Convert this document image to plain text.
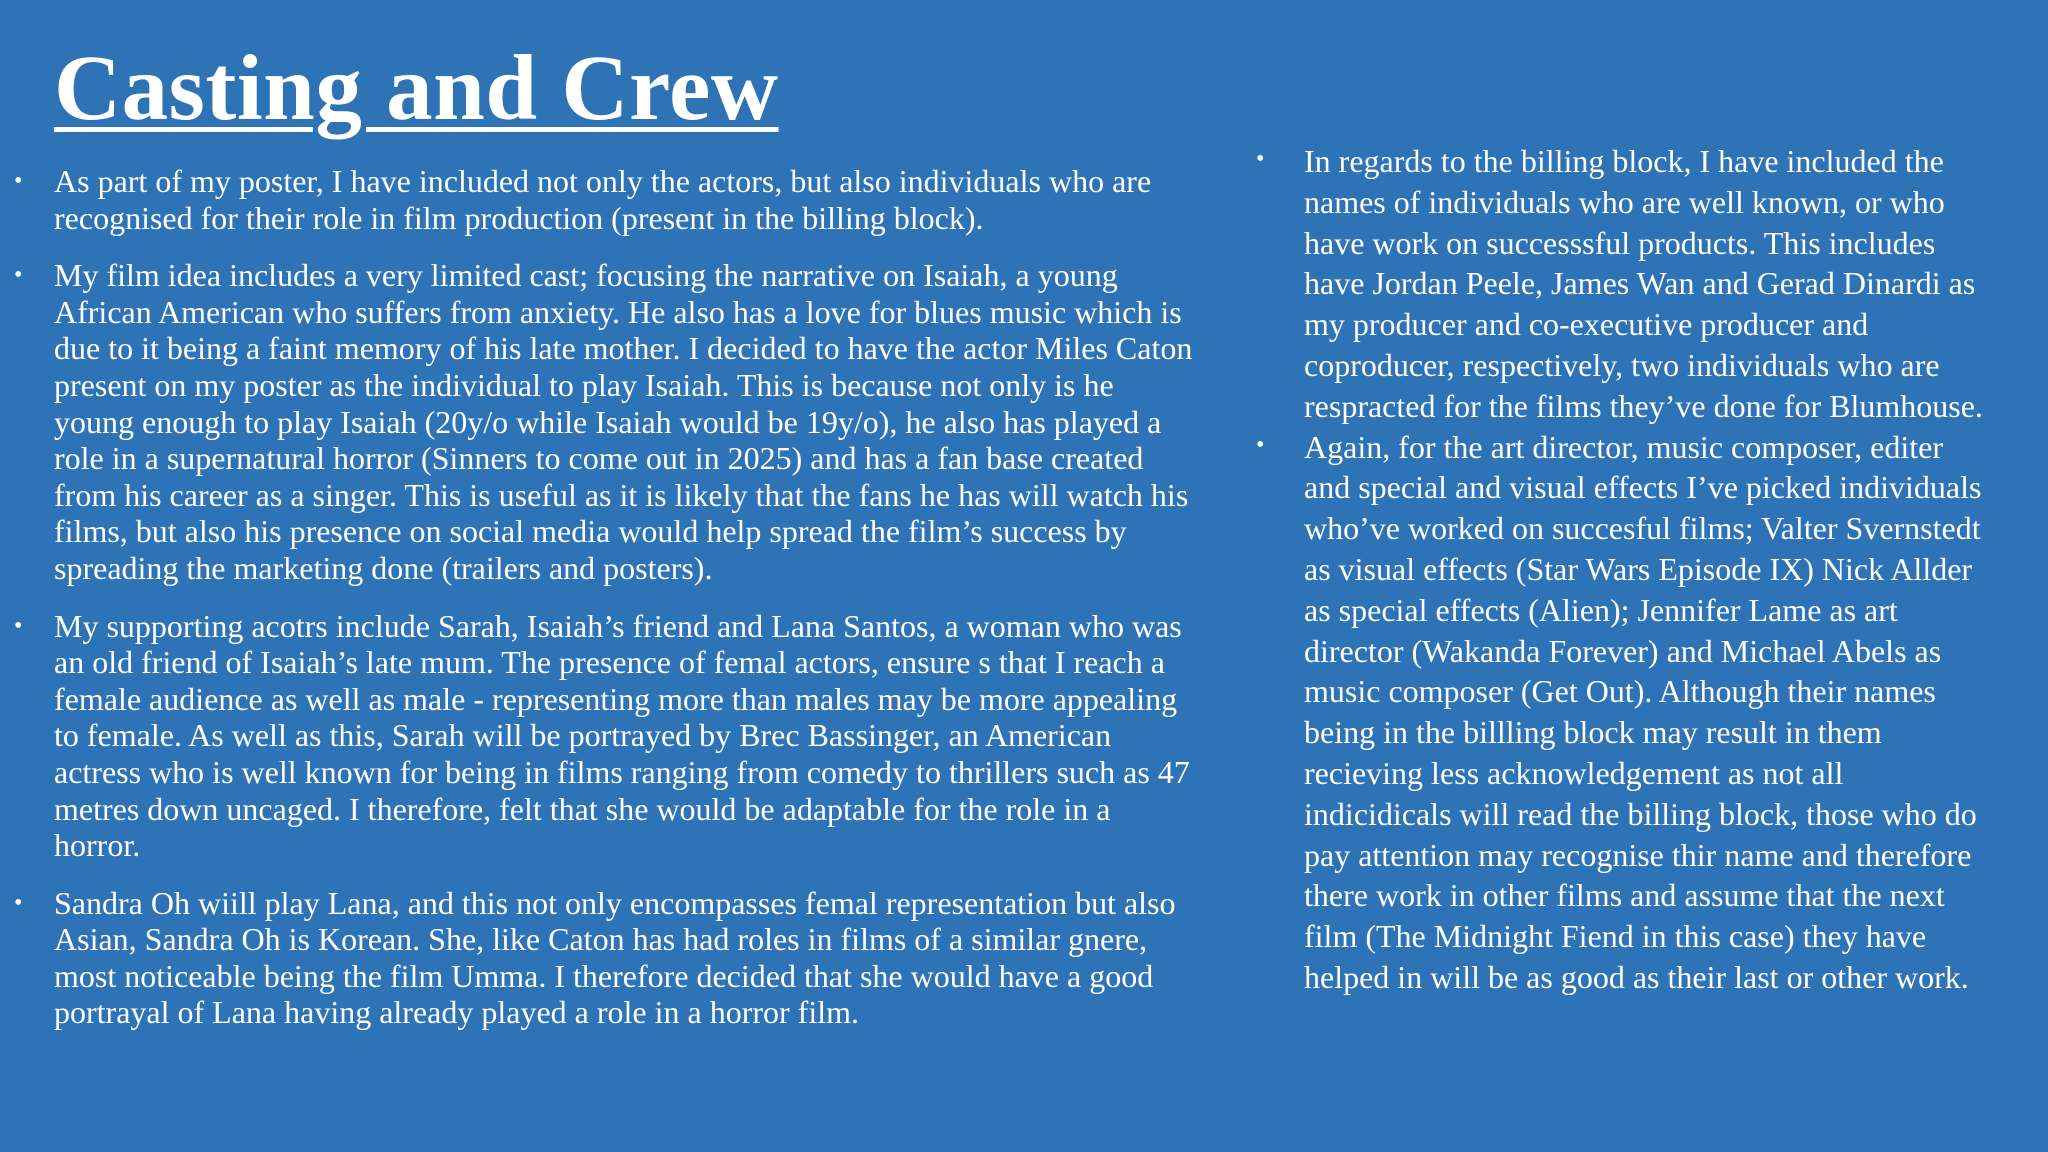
Casting and Crew
• As part of my poster, I have included not only the actors, but also individuals who are recognised for their role in film production (present in the billing block).
• My film idea includes a very limited cast; focusing the narrative on Isaiah, a young African American who suffers from anxiety. He also has a love for blues music which is due to it being a faint memory of his late mother. I decided to have the actor Miles Caton present on my poster as the individual to play Isaiah. This is because not only is he young enough to play Isaiah (20y/o while Isaiah would be 19y/o), he also has played a role in a supernatural horror (Sinners to come out in 2025) and has a fan base created from his career as a singer. This is useful as it is likely that the fans he has will watch his films, but also his presence on social media would help spread the film’s success by spreading the marketing done (trailers and posters).
• My supporting acotrs include Sarah, Isaiah’s friend and Lana Santos, a woman who was an old friend of Isaiah’s late mum. The presence of femal actors, ensure s that I reach a female audience as well as male - representing more than males may be more appealing to female. As well as this, Sarah will be portrayed by Brec Bassinger, an American actress who is well known for being in films ranging from comedy to thrillers such as 47 metres down uncaged. I therefore, felt that she would be adaptable for the role in a horror.
• Sandra Oh wiill play Lana, and this not only encompasses femal representation but also Asian, Sandra Oh is Korean. She, like Caton has had roles in films of a similar gnere, most noticeable being the film Umma. I therefore decided that she would have a good portrayal of Lana having already played a role in a horror film.
• In regards to the billing block, I have included the names of individuals who are well known, or who have work on successsful products. This includes have Jordan Peele, James Wan and Gerad Dinardi as my producer and co-executive producer and coproducer, respectively, two individuals who are respracted for the films they’ve done for Blumhouse.
• Again, for the art director, music composer, editer and special and visual effects I’ve picked individuals who’ve worked on succesful films; Valter Svernstedt as visual effects (Star Wars Episode IX) Nick Allder as special effects (Alien); Jennifer Lame as art director (Wakanda Forever) and Michael Abels as music composer (Get Out). Although their names being in the billling block may result in them recieving less acknowledgement as not all indicidicals will read the billing block, those who do pay attention may recognise thir name and therefore there work in other films and assume that the next film (The Midnight Fiend in this case) they have helped in will be as good as their last or other work.
